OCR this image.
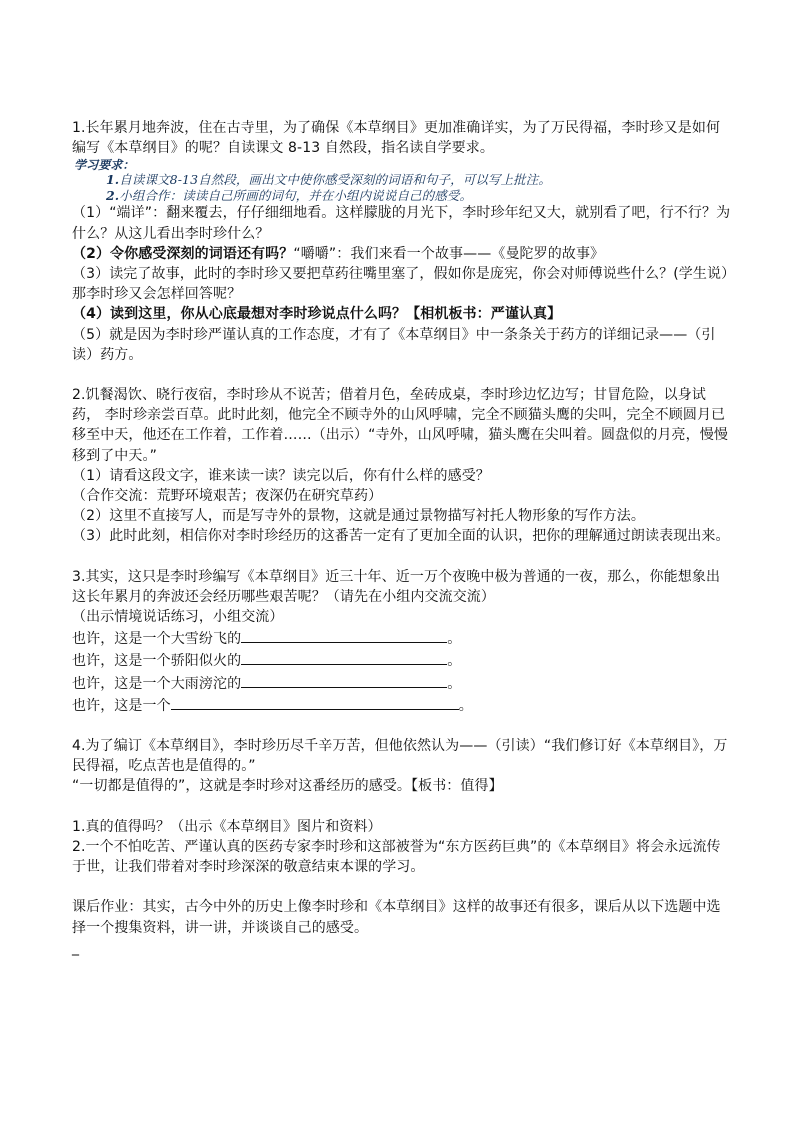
1.长年累月地奔波，住在古寺里，为了确保《本草纲目》更加准确详实，为了万民得福，李时珍又是如何编写《本草纲目》的呢？自读课文 8-13 自然段，指名读自学要求。

学习要求：

1.自读课文8-13自然段，画出文中使你感受深刻的词语和句子，可以写上批注。

2.小组合作：读读自己所画的词句，并在小组内说说自己的感受。

（1）“端详”：翻来覆去，仔仔细细地看。这样朦胧的月光下，李时珍年纪又大，就别看了吧，行不行？为什么？从这儿看出李时珍什么？

（2）令你感受深刻的词语还有吗？“嚼嚼”：我们来看一个故事——《曼陀罗的故事》

（3）读完了故事，此时的李时珍又要把草药往嘴里塞了，假如你是庞宪，你会对师傅说些什么？(学生说）那李时珍又会怎样回答呢？

（4）读到这里，你从心底最想对李时珍说点什么吗？【相机板书：严谨认真】

（5）就是因为李时珍严谨认真的工作态度，才有了《本草纲目》中一条条关于药方的详细记录——（引读）药方。

2.饥餐渴饮、晓行夜宿，李时珍从不说苦；借着月色，垒砖成桌，李时珍边忆边写；甘冒危险，以身试药， 李时珍亲尝百草。此时此刻，他完全不顾寺外的山风呼啸，完全不顾猫头鹰的尖叫，完全不顾圆月已移至中天，他还在工作着，工作着……（出示）“寺外，山风呼啸，猫头鹰在尖叫着。圆盘似的月亮，慢慢移到了中天。”

（1）请看这段文字，谁来读一读？读完以后，你有什么样的感受？

（合作交流：荒野环境艰苦；夜深仍在研究草药）

（2）这里不直接写人，而是写寺外的景物，这就是通过景物描写衬托人物形象的写作方法。

（3）此时此刻，相信你对李时珍经历的这番苦一定有了更加全面的认识，把你的理解通过朗读表现出来。

3.其实，这只是李时珍编写《本草纲目》近三十年、近一万个夜晚中极为普通的一夜，那么，你能想象出这长年累月的奔波还会经历哪些艰苦呢？（请先在小组内交流交流）

（出示情境说话练习，小组交流）

也许，这是一个大雪纷飞的	。

也许，这是一个骄阳似火的	。

也许，这是一个大雨滂沱的	。

也许，这是一个	。

4.为了编订《本草纲目》，李时珍历尽千辛万苦，但他依然认为——（引读）“我们修订好《本草纲目》，万民得福，吃点苦也是值得的。”

“一切都是值得的”，这就是李时珍对这番经历的感受。【板书：值得】

1.真的值得吗？（出示《本草纲目》图片和资料）

2.一个不怕吃苦、严谨认真的医药专家李时珍和这部被誉为“东方医药巨典”的《本草纲目》将会永远流传于世，让我们带着对李时珍深深的敬意结束本课的学习。

课后作业：其实，古今中外的历史上像李时珍和《本草纲目》这样的故事还有很多，课后从以下选题中选择一个搜集资料，讲一讲，并谈谈自己的感受。

_
